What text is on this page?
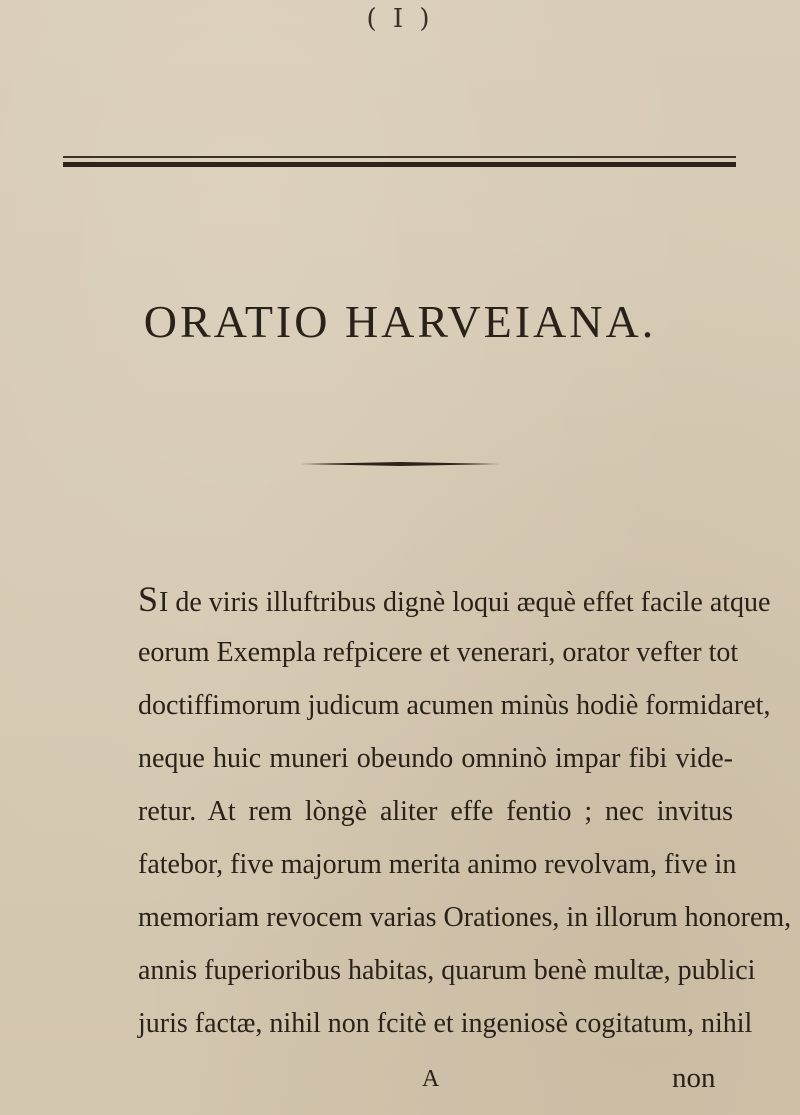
( I )
ORATIO HARVEIANA.
SI de viris illuftribus dignè loqui æquè effet facile atque
eorum Exempla refpicere et venerari, orator vefter tot
doctiffimorum judicum acumen minùs hodiè formidaret,
neque huic muneri obeundo omninò impar fibi vide-
retur. At rem lòngè aliter effe fentio ; nec invitus
fatebor, five majorum merita animo revolvam, five in
memoriam revocem varias Orationes, in illorum honorem,
annis fuperioribus habitas, quarum benè multæ, publici
juris factæ, nihil non fcitè et ingeniosè cogitatum, nihil
A	non
